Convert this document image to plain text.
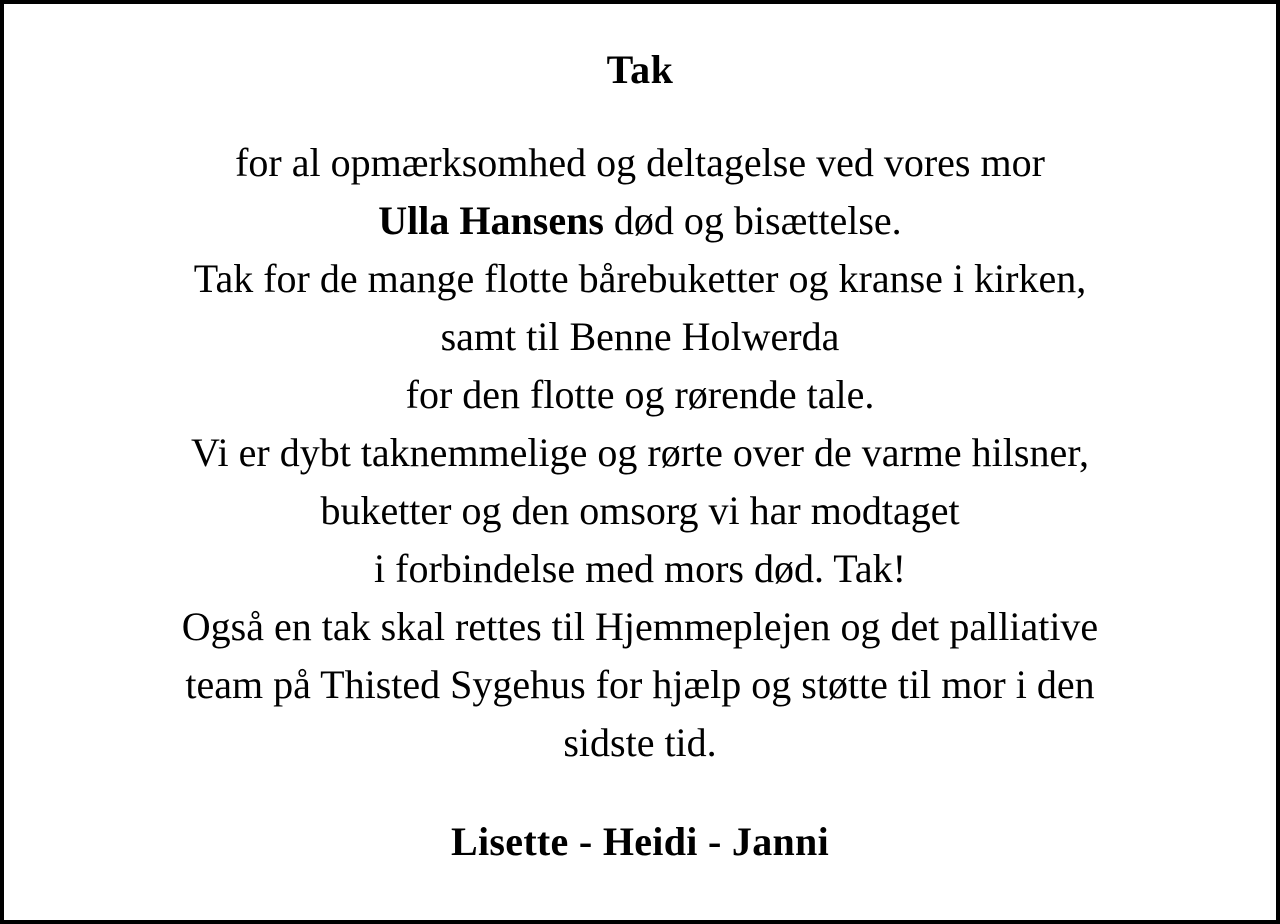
Tak
for al opmærksomhed og deltagelse ved vores mor
Ulla Hansens død og bisættelse.
Tak for de mange flotte bårebuketter og kranse i kirken,
samt til Benne Holwerda
for den flotte og rørende tale.
Vi er dybt taknemmelige og rørte over de varme hilsner,
buketter og den omsorg vi har modtaget
i forbindelse med mors død. Tak!
Også en tak skal rettes til Hjemmeplejen og det palliative
team på Thisted Sygehus for hjælp og støtte til mor i den
sidste tid.
Lisette - Heidi - Janni
